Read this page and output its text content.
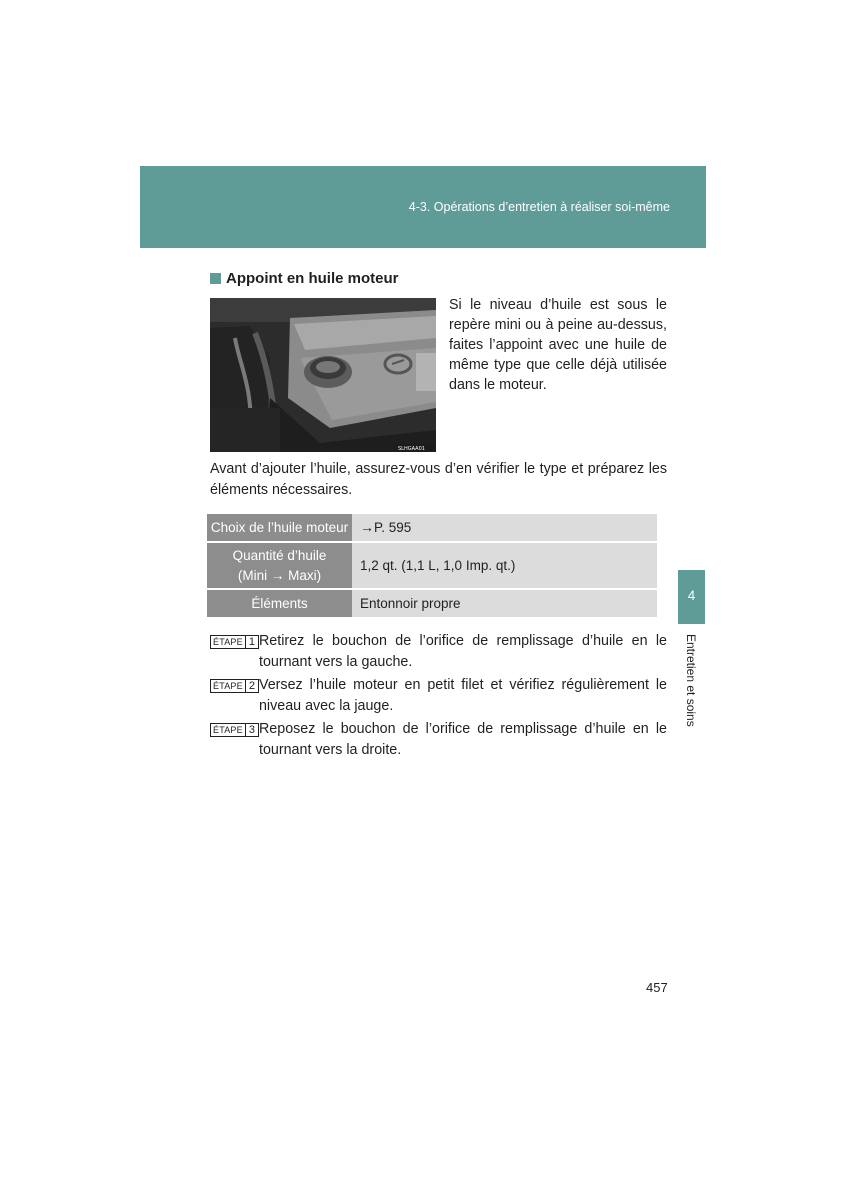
4-3. Opérations d’entretien à réaliser soi-même
Appoint en huile moteur
SLHGAA01
Si le niveau d’huile est sous le repère mini ou à peine au-dessus, faites l’appoint avec une huile de même type que celle déjà utilisée dans le moteur.
Avant d’ajouter l’huile, assurez-vous d’en vérifier le type et préparez les éléments nécessaires.
Choix de l’huile moteur	→P. 595

Quantité d’huile
(Mini → Maxi)	1,2 qt. (1,1 L, 1,0 Imp. qt.)
Éléments	Entonnoir propre
ÉTAPE 1 Retirez le bouchon de l’orifice de remplissage d’huile en le tournant vers la gauche.
ÉTAPE 2 Versez l’huile moteur en petit filet et vérifiez régulièrement le niveau avec la jauge.
ÉTAPE 3 Reposez le bouchon de l’orifice de remplissage d’huile en le tournant vers la droite.
4
Entretien et soins
457
